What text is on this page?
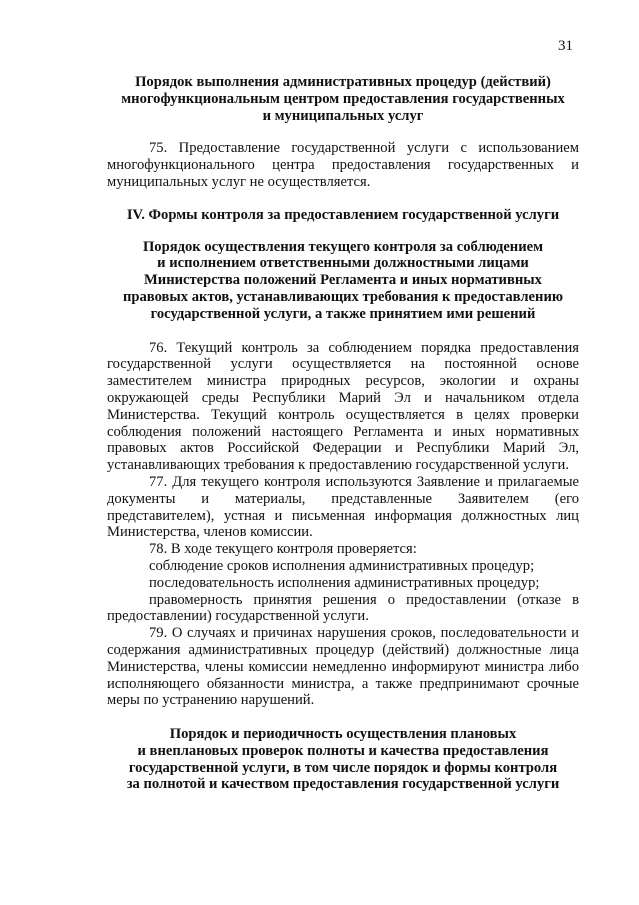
31
Порядок выполнения административных процедур (действий)
многофункциональным центром предоставления государственных
и муниципальных услуг

75. Предоставление государственной услуги с использованием многофункционального центра предоставления государственных и муниципальных услуг не осуществляется.

IV. Формы контроля за предоставлением государственной услуги
Порядок осуществления текущего контроля за соблюдением
и исполнением ответственными должностными лицами
Министерства положений Регламента и иных нормативных
правовых актов, устанавливающих требования к предоставлению
государственной услуги, а также принятием ими решений

76. Текущий контроль за соблюдением порядка предоставления государственной услуги осуществляется на постоянной основе заместителем министра природных ресурсов, экологии и охраны окружающей среды Республики Марий Эл и начальником отдела Министерства. Текущий контроль осуществляется в целях проверки соблюдения положений настоящего Регламента и иных нормативных правовых актов Российской Федерации и Республики Марий Эл, устанавливающих требования к предоставлению государственной услуги.

77. Для текущего контроля используются Заявление и прилагаемые документы и материалы, представленные Заявителем (его представителем), устная и письменная информация должностных лиц Министерства, членов комиссии.

78. В ходе текущего контроля проверяется:

соблюдение сроков исполнения административных процедур;

последовательность исполнения административных процедур;

правомерность принятия решения о предоставлении (отказе в предоставлении) государственной услуги.

79. О случаях и причинах нарушения сроков, последовательности и содержания административных процедур (действий) должностные лица Министерства, члены комиссии немедленно информируют министра либо исполняющего обязанности министра, а также предпринимают срочные меры по устранению нарушений.

Порядок и периодичность осуществления плановых
и внеплановых проверок полноты и качества предоставления
государственной услуги, в том числе порядок и формы контроля
за полнотой и качеством предоставления государственной услуги
